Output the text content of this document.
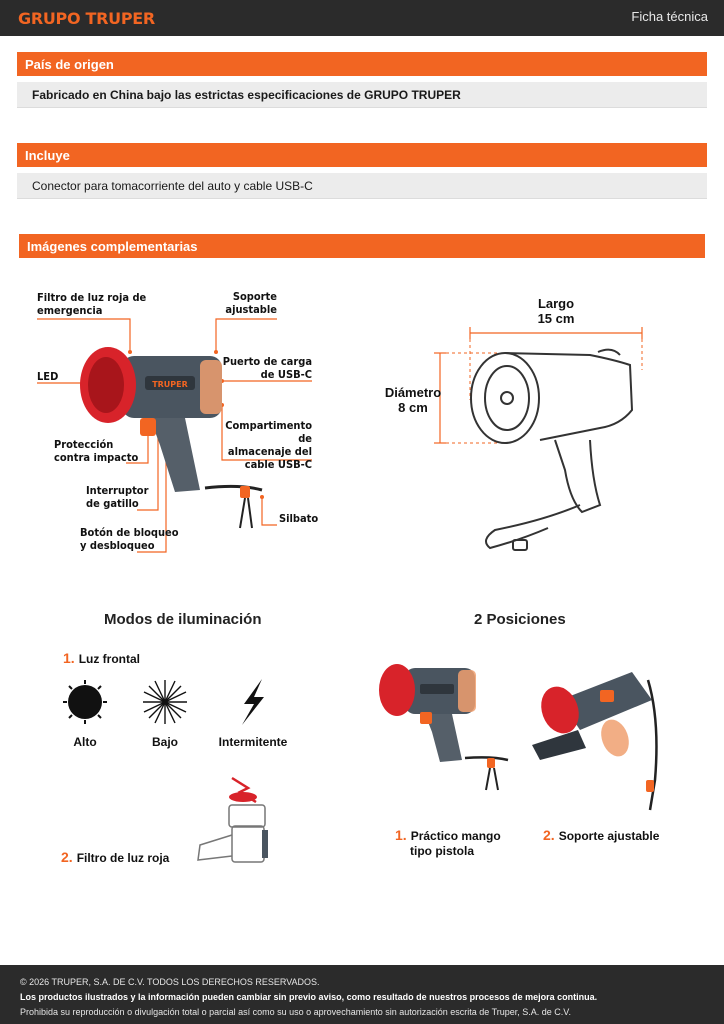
GRUPO TRUPER	Ficha técnica
País de origen
Fabricado en China bajo las estrictas especificaciones de GRUPO TRUPER
Incluye
Conector para tomacorriente del auto y cable USB-C
Imágenes complementarias
TRUPER
Filtro de luz roja de
emergencia
Soporte
ajustable
Puerto de carga
de USB-C
LED
Compartimento de
almacenaje del
cable USB-C
Protección
contra impacto
Interruptor
de gatillo
Botón de bloqueo
y desbloqueo
Silbato
Largo
15 cm
Diámetro
8 cm
Modos de iluminación
1. Luz frontal
Alto	Bajo	Intermitente
2. Filtro de luz roja
2 Posiciones
1. Práctico mango
tipo pistola
2. Soporte ajustable
© 2026 TRUPER, S.A. DE C.V. TODOS LOS DERECHOS RESERVADOS.
Los productos ilustrados y la información pueden cambiar sin previo aviso, como resultado de nuestros procesos de mejora continua.
Prohibida su reproducción o divulgación total o parcial así como su uso o aprovechamiento sin autorización escrita de Truper, S.A. de C.V.
